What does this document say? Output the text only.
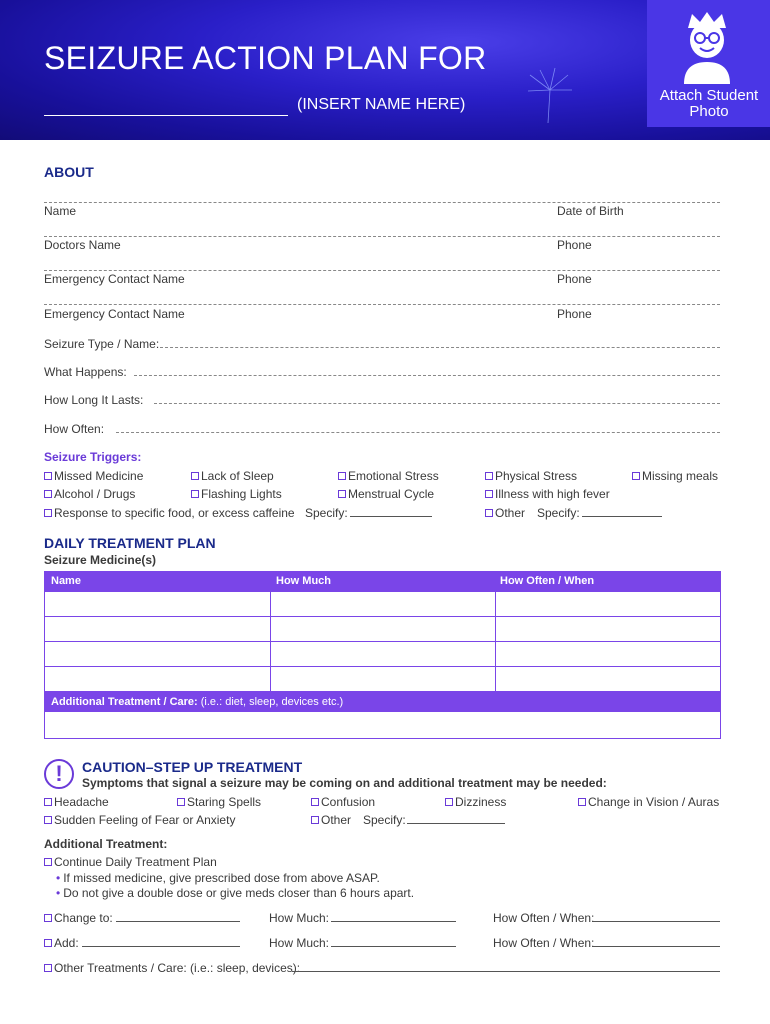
SEIZURE ACTION PLAN FOR
(INSERT NAME HERE)
Attach Student Photo
ABOUT
Name	Date of Birth
Doctors Name	Phone
Emergency Contact Name	Phone
Emergency Contact Name	Phone
Seizure Type / Name:
What Happens:
How Long It Lasts:
How Often:
Seizure Triggers:
Missed Medicine	Lack of Sleep	Emotional Stress	Physical Stress	Missing meals
Alcohol / Drugs	Flashing Lights	Menstrual Cycle	Illness with high fever
Response to specific food, or excess caffeine Specify:	Other Specify:
DAILY TREATMENT PLAN
Seizure Medicine(s)
Name	How Much	How Often / When
Additional Treatment / Care: (i.e.: diet, sleep, devices etc.)
!	CAUTION–STEP UP TREATMENT
Symptoms that signal a seizure may be coming on and additional treatment may be needed:
Headache	Staring Spells	Confusion	Dizziness	Change in Vision / Auras
Sudden Feeling of Fear or Anxiety	Other Specify:
Additional Treatment:
Continue Daily Treatment Plan
• If missed medicine, give prescribed dose from above ASAP.
• Do not give a double dose or give meds closer than 6 hours apart.
Change to:	How Much:	How Often / When:
Add:	How Much:	How Often / When:
Other Treatments / Care: (i.e.: sleep, devices):
